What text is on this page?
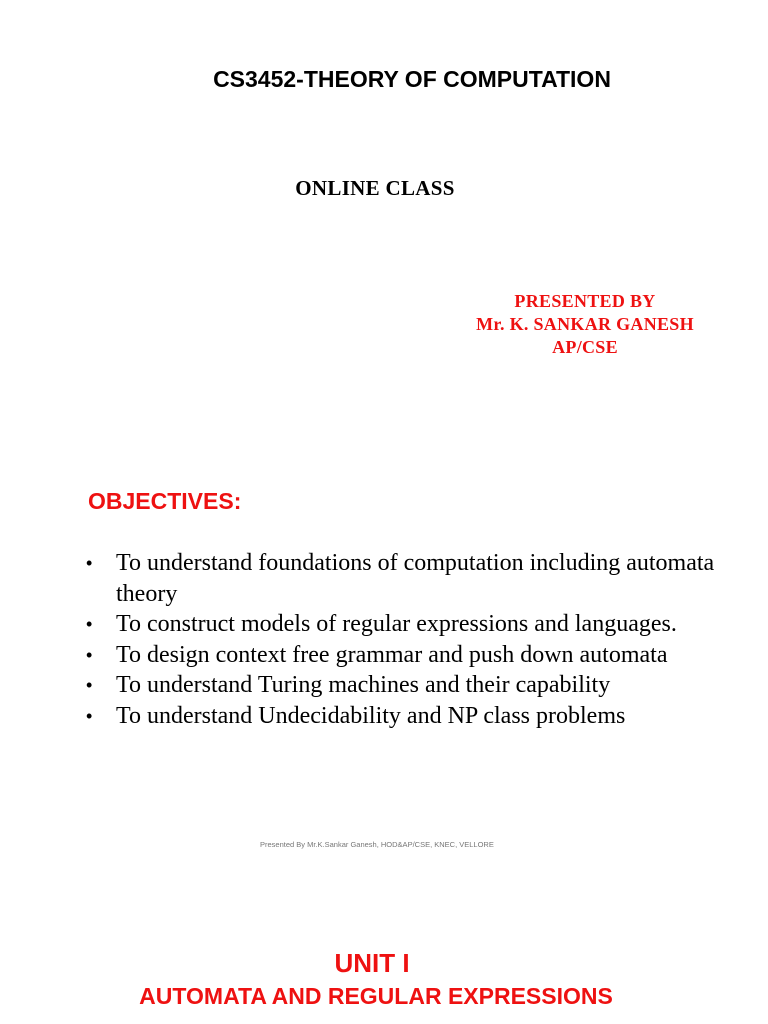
CS3452-THEORY OF COMPUTATION
ONLINE CLASS
PRESENTED BY
Mr. K. SANKAR GANESH
AP/CSE
OBJECTIVES:
• To understand foundations of computation including automata theory
• To construct models of regular expressions and languages.
• To design context free grammar and push down automata
• To understand Turing machines and their capability
• To understand Undecidability and NP class problems
Presented By Mr.K.Sankar Ganesh, HOD&AP/CSE, KNEC, VELLORE
UNIT I
AUTOMATA AND REGULAR EXPRESSIONS
